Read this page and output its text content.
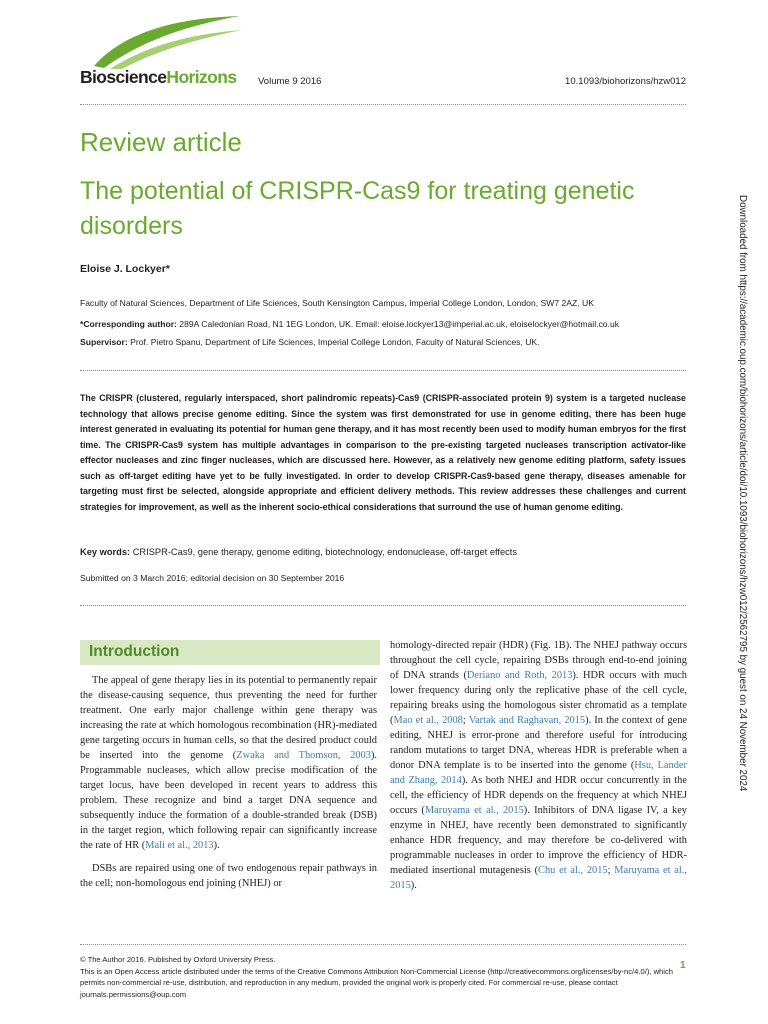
BioscienceHorizons Volume 9 2016	10.1093/biohorizons/hzw012
Review article
The potential of CRISPR-Cas9 for treating genetic disorders
Eloise J. Lockyer*
Faculty of Natural Sciences, Department of Life Sciences, South Kensington Campus, Imperial College London, London, SW7 2AZ, UK
*Corresponding author: 289A Caledonian Road, N1 1EG London, UK. Email: eloise.lockyer13@imperial.ac.uk, eloiselockyer@hotmail.co.uk
Supervisor: Prof. Pietro Spanu, Department of Life Sciences, Imperial College London, Faculty of Natural Sciences, UK.
The CRISPR (clustered, regularly interspaced, short palindromic repeats)-Cas9 (CRISPR-associated protein 9) system is a targeted nuclease technology that allows precise genome editing. Since the system was first demonstrated for use in genome editing, there has been huge interest generated in evaluating its potential for human gene therapy, and it has most recently been used to modify human embryos for the first time. The CRISPR-Cas9 system has multiple advantages in comparison to the pre-existing targeted nucleases transcription activator-like effector nucleases and zinc finger nucleases, which are discussed here. However, as a relatively new genome editing platform, safety issues such as off-target editing have yet to be fully investigated. In order to develop CRISPR-Cas9-based gene therapy, diseases amenable for targeting must first be selected, alongside appropriate and efficient delivery methods. This review addresses these challenges and current strategies for improvement, as well as the inherent socio-ethical considerations that surround the use of human genome editing.
Key words: CRISPR-Cas9, gene therapy, genome editing, biotechnology, endonuclease, off-target effects
Submitted on 3 March 2016; editorial decision on 30 September 2016
Introduction

The appeal of gene therapy lies in its potential to permanently repair the disease-causing sequence, thus preventing the need for further treatment. One early major challenge within gene therapy was increasing the rate at which homologous recombination (HR)-mediated gene targeting occurs in human cells, so that the desired product could be inserted into the genome (Zwaka and Thomson, 2003). Programmable nucleases, which allow precise modification of the target locus, have been developed in recent years to address this problem. These recognize and bind a target DNA sequence and subsequently induce the formation of a double-stranded break (DSB) in the target region, which following repair can significantly increase the rate of HR (Mali et al., 2013).

DSBs are repaired using one of two endogenous repair pathways in the cell; non-homologous end joining (NHEJ) or

homology-directed repair (HDR) (Fig. 1B). The NHEJ pathway occurs throughout the cell cycle, repairing DSBs through end-to-end joining of DNA strands (Deriano and Roth, 2013). HDR occurs with much lower frequency during only the replicative phase of the cell cycle, repairing breaks using the homologous sister chromatid as a template (Mao et al., 2008; Vartak and Raghavan, 2015). In the context of gene editing, NHEJ is error-prone and therefore useful for introducing random mutations to target DNA, whereas HDR is preferable when a donor DNA template is to be inserted into the genome (Hsu, Lander and Zhang, 2014). As both NHEJ and HDR occur concurrently in the cell, the efficiency of HDR depends on the frequency at which NHEJ occurs (Maruyama et al., 2015). Inhibitors of DNA ligase IV, a key enzyme in NHEJ, have recently been demonstrated to significantly enhance HDR frequency, and may therefore be co-delivered with programmable nucleases in order to improve the efficiency of HDR-mediated insertional mutagenesis (Chu et al., 2015; Maruyama et al., 2015).

© The Author 2016. Published by Oxford University Press.
This is an Open Access article distributed under the terms of the Creative Commons Attribution Non-Commercial License (http://creativecommons.org/licenses/by-nc/4.0/), which permits non-commercial re-use, distribution, and reproduction in any medium, provided the original work is properly cited. For commercial re-use, please contact journals.permissions@oup.com
1
Downloaded from https://academic.oup.com/biohorizons/article/doi/10.1093/biohorizons/hzw012/2562795 by guest on 24 November 2024
